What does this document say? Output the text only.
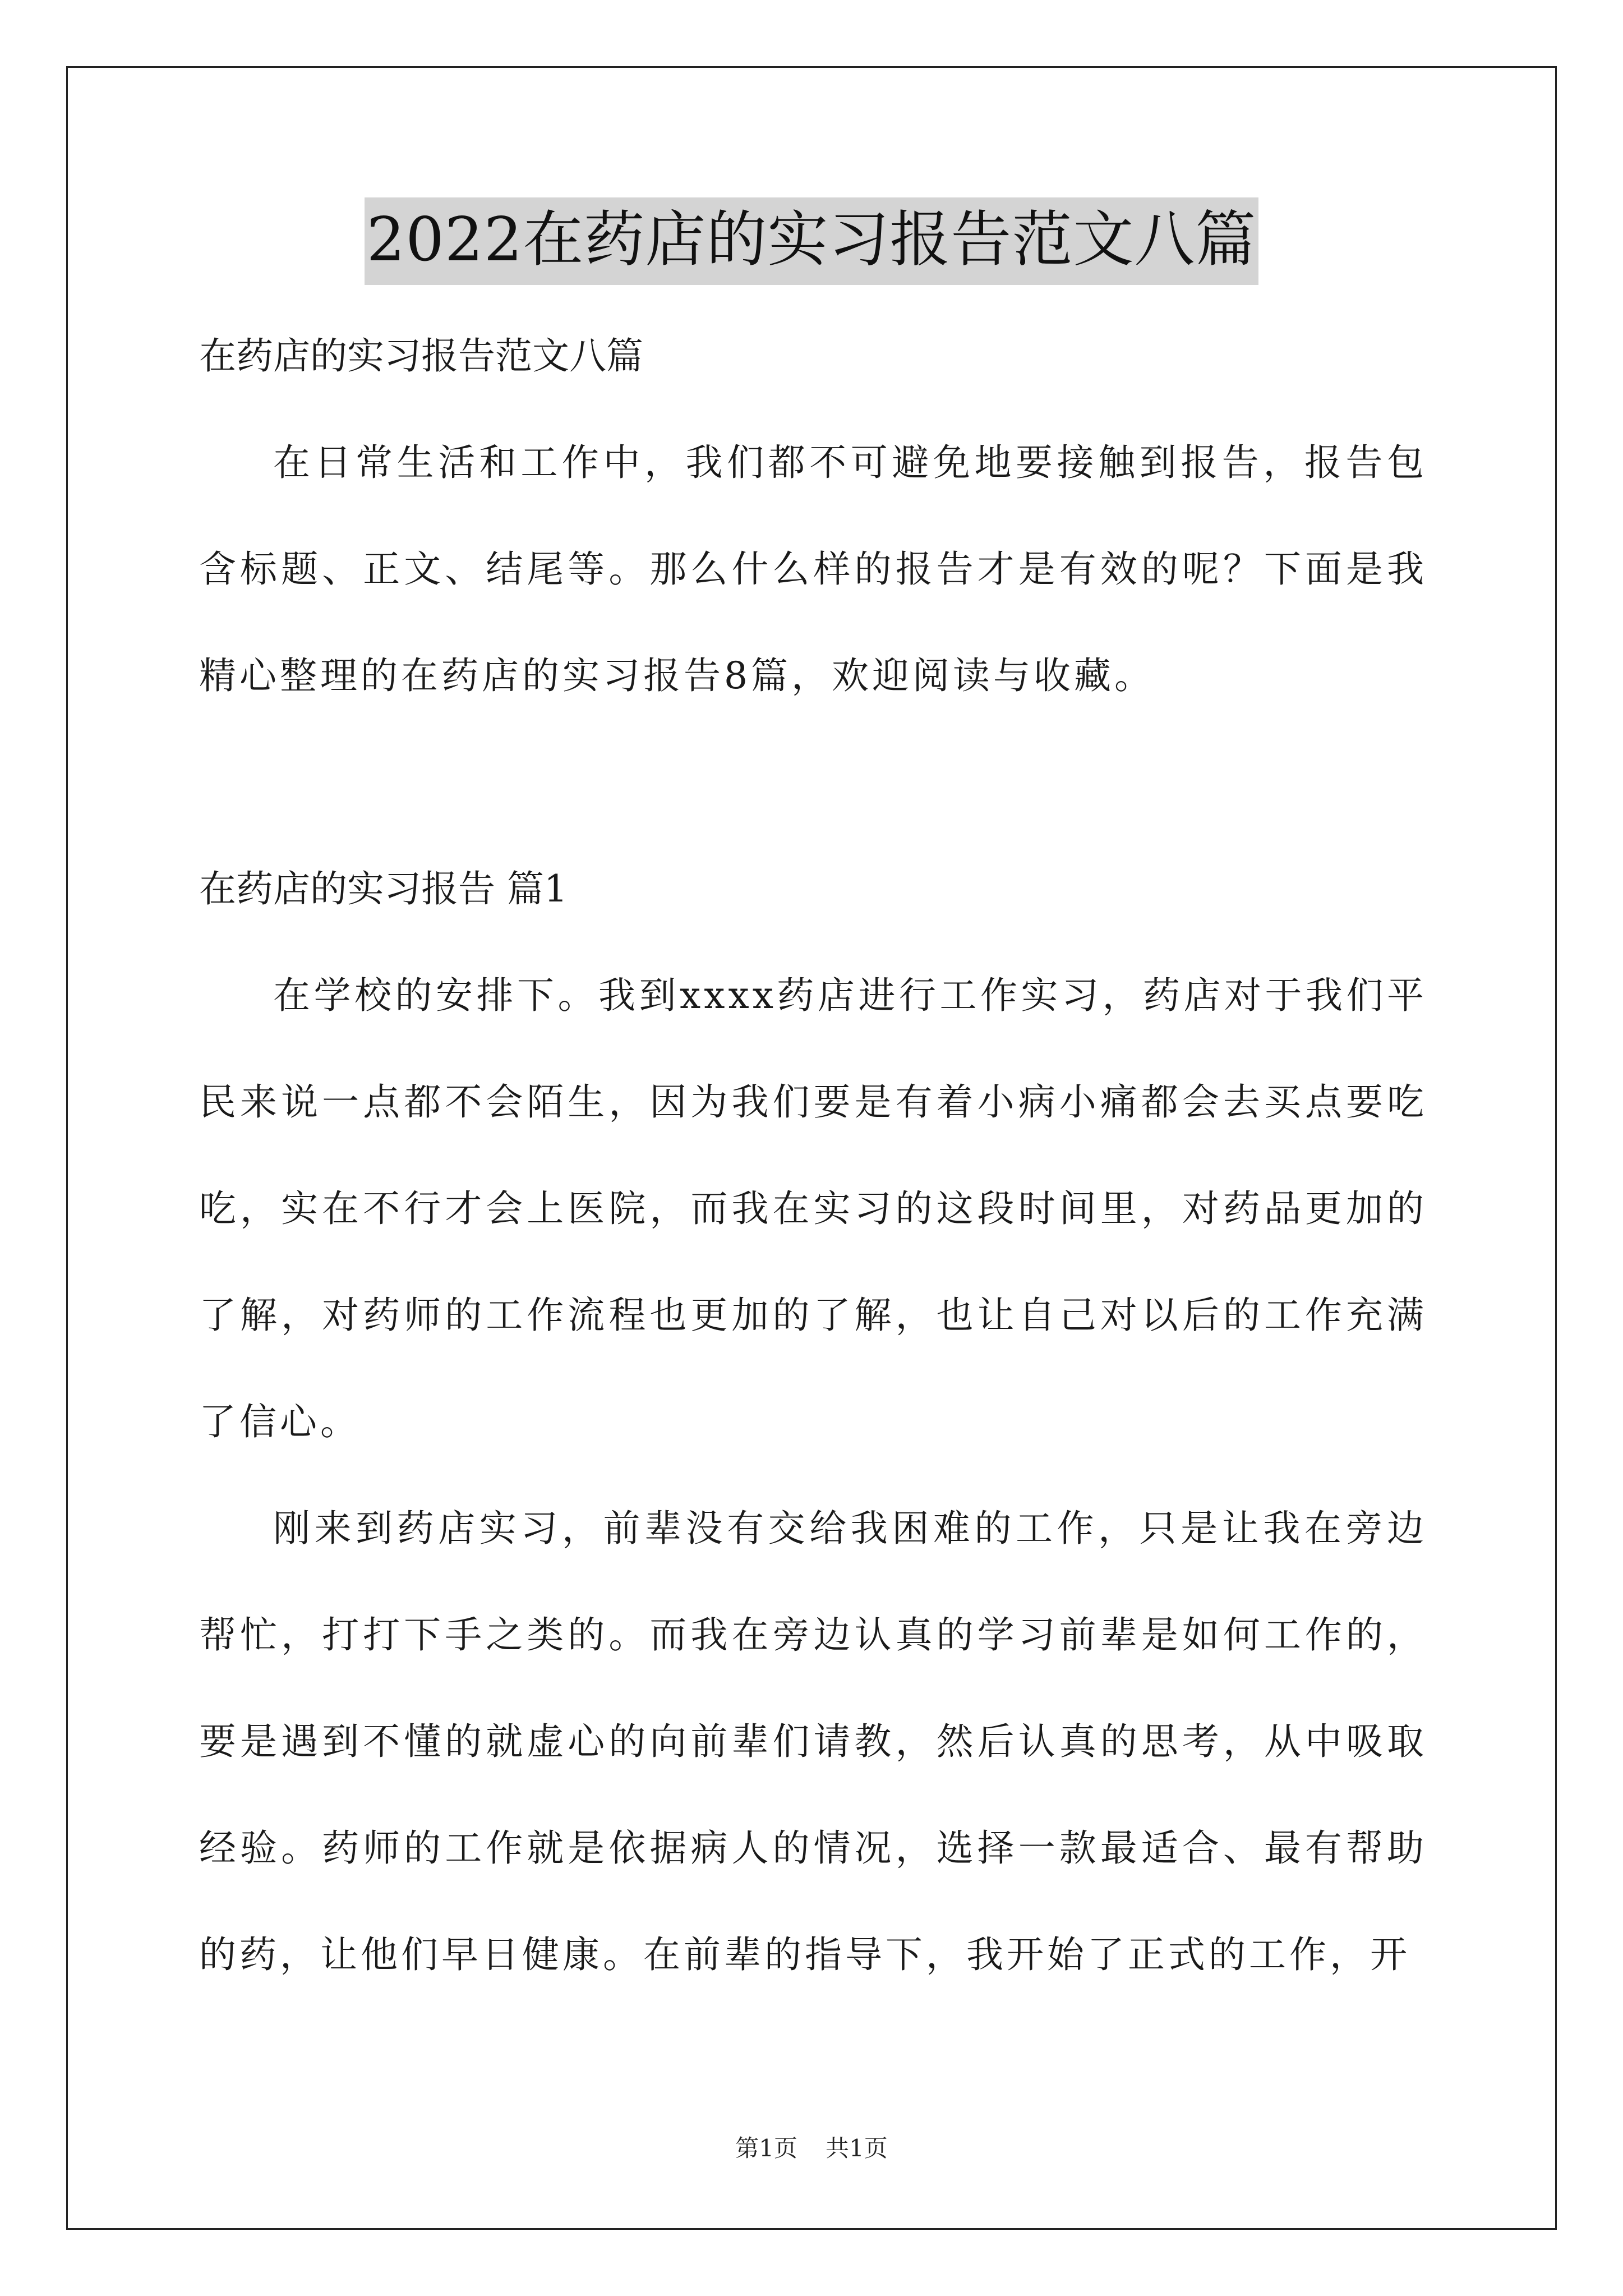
2022在药店的实习报告范文八篇

在药店的实习报告范文八篇

在日常生活和工作中，我们都不可避免地要接触到报告，报告包含标题、正文、结尾等。那么什么样的报告才是有效的呢？下面是我精心整理的在药店的实习报告8篇，欢迎阅读与收藏。

在药店的实习报告 篇1

在学校的安排下。我到xxxx药店进行工作实习，药店对于我们平民来说一点都不会陌生，因为我们要是有着小病小痛都会去买点要吃吃，实在不行才会上医院，而我在实习的这段时间里，对药品更加的了解，对药师的工作流程也更加的了解，也让自己对以后的工作充满了信心。

刚来到药店实习，前辈没有交给我困难的工作，只是让我在旁边帮忙，打打下手之类的。而我在旁边认真的学习前辈是如何工作的，要是遇到不懂的就虚心的向前辈们请教，然后认真的思考，从中吸取经验。药师的工作就是依据病人的情况，选择一款最适合、最有帮助的药，让他们早日健康。在前辈的指导下，我开始了正式的工作，开

第1页 共1页
